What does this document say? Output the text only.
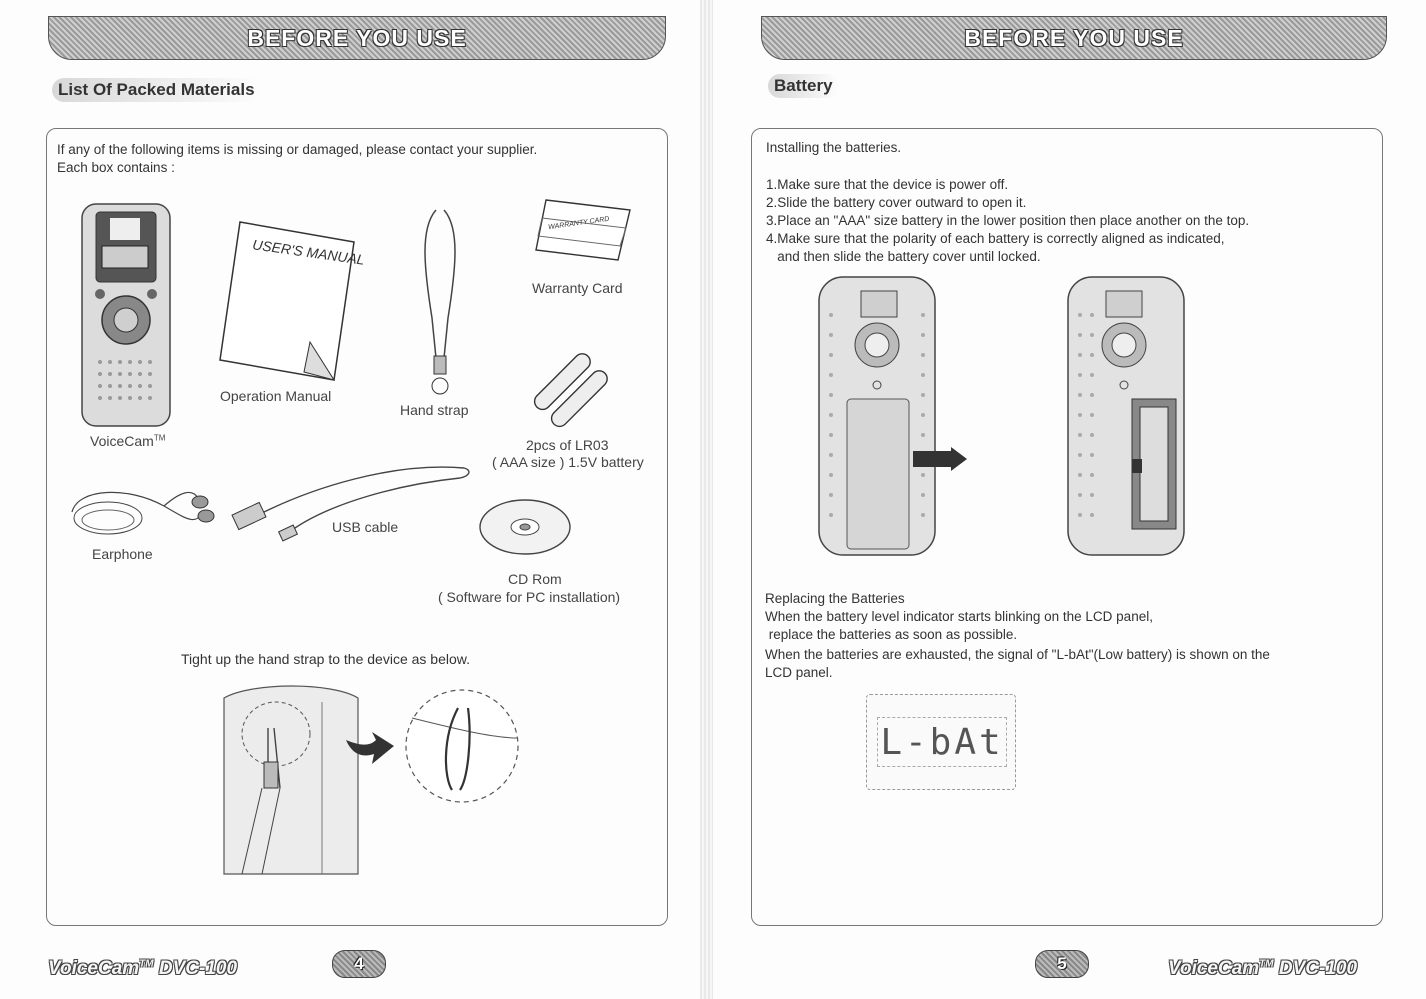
BEFORE YOU USE
List Of Packed Materials
If any of the following items is missing or damaged, please contact your supplier.
Each box contains :
VoiceCam™
USER'S MANUAL
Operation Manual
Hand strap
WARRANTY CARD
Warranty Card
2pcs of LR03
( AAA size ) 1.5V battery
Earphone
USB cable
CD Rom
( Software for PC installation)
Tight up the hand strap to the device as below.
VoiceCam™ DVC-100	4
BEFORE YOU USE
Battery
Installing the batteries.
1.Make sure that the device is power off.
2.Slide the battery cover outward to open it.
3.Place an "AAA" size battery in the lower position then place another on the top.
4.Make sure that the polarity of each battery is correctly aligned as indicated,
and then slide the battery cover until locked.
Replacing the Batteries
When the battery level indicator starts blinking on the LCD panel,
replace the batteries as soon as possible.
When the batteries are exhausted, the signal of "L-bAt"(Low battery) is shown on the
LCD panel.
L-bAt
5	VoiceCam™ DVC-100
